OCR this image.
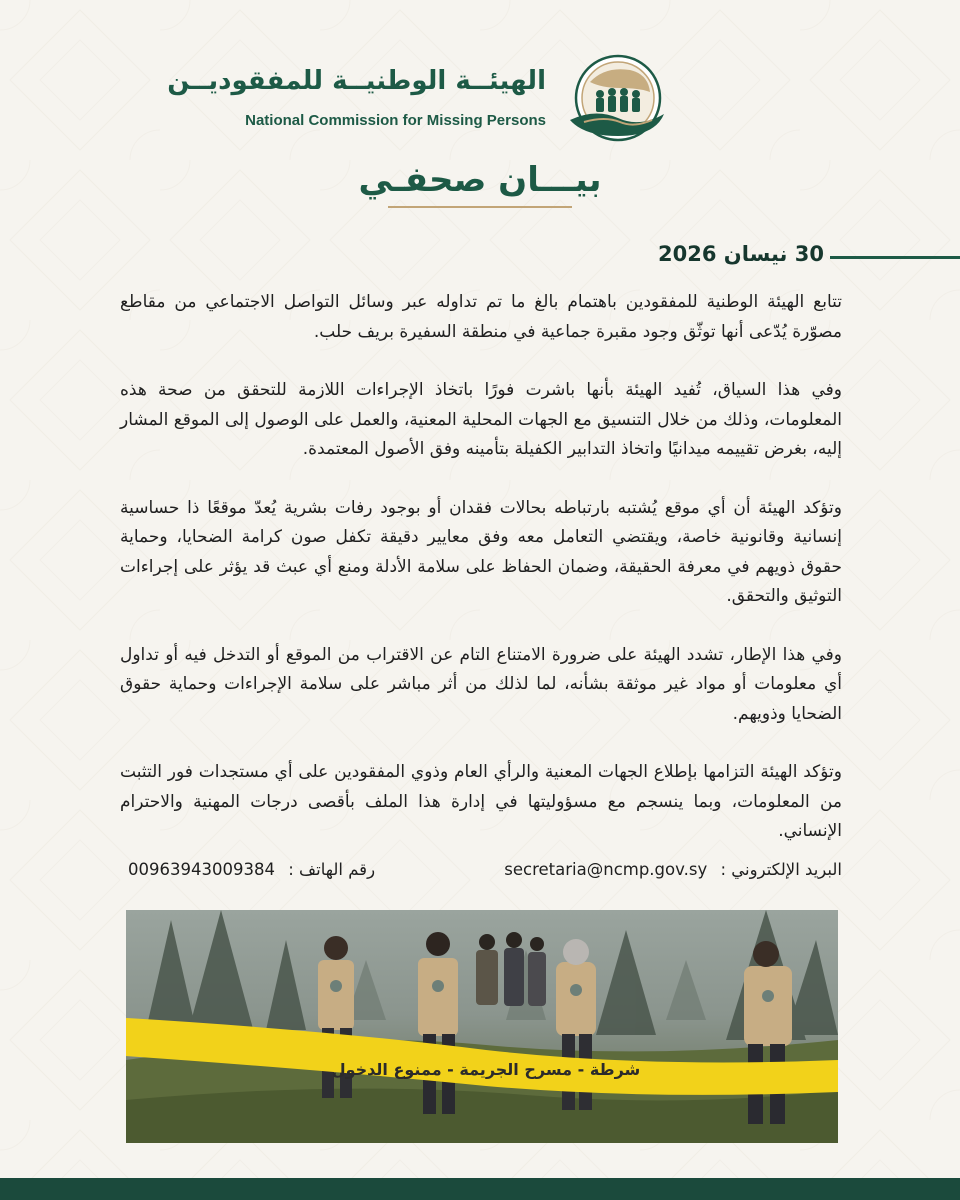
الهيئــة الوطنيــة للمفقوديــن
National Commission for Missing Persons
بيـــان صحفـي
30 نيسان 2026

تتابع الهيئة الوطنية للمفقودين باهتمام بالغ ما تم تداوله عبر وسائل التواصل الاجتماعي من مقاطع مصوّرة يُدّعى أنها توثّق وجود مقبرة جماعية في منطقة السفيرة بريف حلب.

وفي هذا السياق، تُفيد الهيئة بأنها باشرت فورًا باتخاذ الإجراءات اللازمة للتحقق من صحة هذه المعلومات، وذلك من خلال التنسيق مع الجهات المحلية المعنية، والعمل على الوصول إلى الموقع المشار إليه، بغرض تقييمه ميدانيًا واتخاذ التدابير الكفيلة بتأمينه وفق الأصول المعتمدة.

وتؤكد الهيئة أن أي موقع يُشتبه بارتباطه بحالات فقدان أو بوجود رفات بشرية يُعدّ موقعًا ذا حساسية إنسانية وقانونية خاصة، ويقتضي التعامل معه وفق معايير دقيقة تكفل صون كرامة الضحايا، وحماية حقوق ذويهم في معرفة الحقيقة، وضمان الحفاظ على سلامة الأدلة ومنع أي عبث قد يؤثر على إجراءات التوثيق والتحقق.

وفي هذا الإطار، تشدد الهيئة على ضرورة الامتناع التام عن الاقتراب من الموقع أو التدخل فيه أو تداول أي معلومات أو مواد غير موثقة بشأنه، لما لذلك من أثر مباشر على سلامة الإجراءات وحماية حقوق الضحايا وذويهم.

وتؤكد الهيئة التزامها بإطلاع الجهات المعنية والرأي العام وذوي المفقودين على أي مستجدات فور التثبت من المعلومات، وبما ينسجم مع مسؤوليتها في إدارة هذا الملف بأقصى درجات المهنية والاحترام الإنساني.

البريد الإلكتروني : secretaria@ncmp.gov.sy
رقم الهاتف : 00963943009384
شرطة - مسرح الجريمة - ممنوع الدخول
